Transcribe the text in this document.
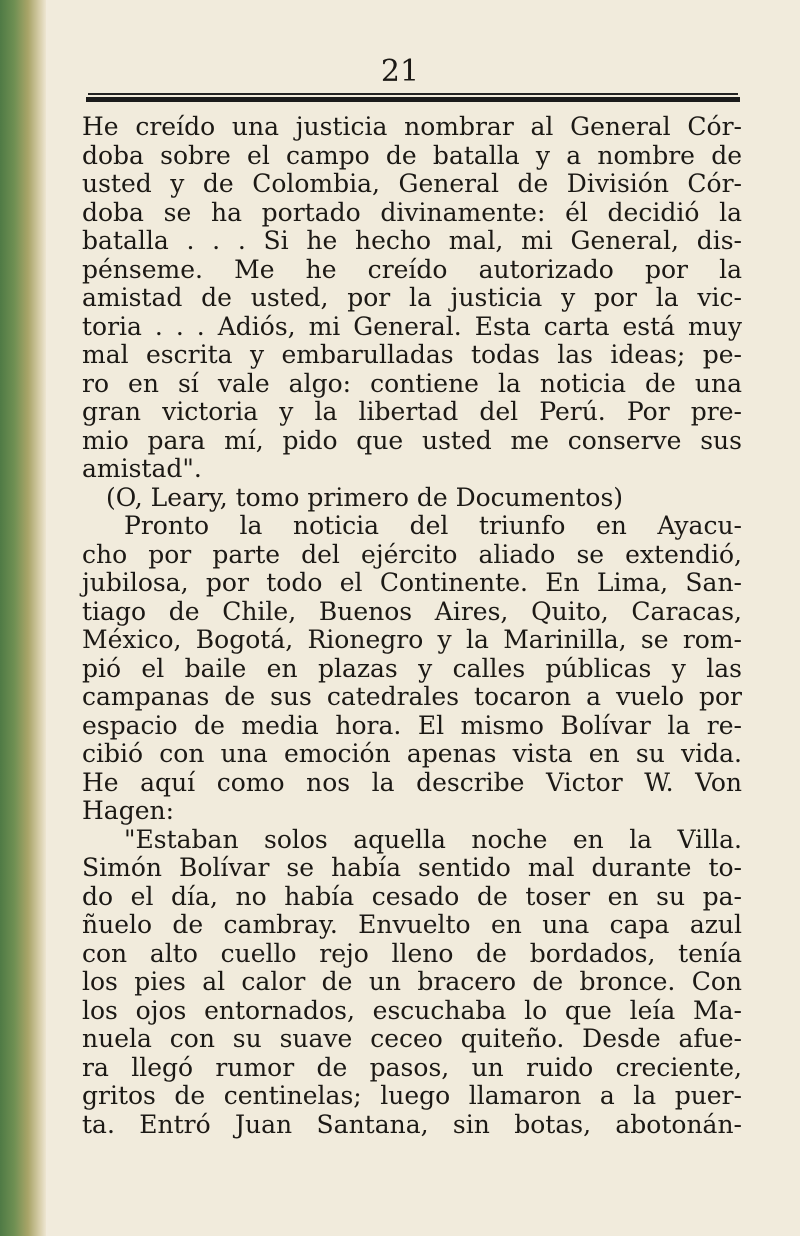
21
He creído una justicia nombrar al General Cór-
doba sobre el campo de batalla y a nombre de
usted y de Colombia, General de División Cór-
doba se ha portado divinamente: él decidió la
batalla . . . Si he hecho mal, mi General, dis-
pénseme. Me he creído autorizado por la
amistad de usted, por la justicia y por la vic-
toria . . . Adiós, mi General. Esta carta está muy
mal escrita y embarulladas todas las ideas; pe-
ro en sí vale algo: contiene la noticia de una
gran victoria y la libertad del Perú. Por pre-
mio para mí, pido que usted me conserve sus
amistad".
(O, Leary, tomo primero de Documentos)
Pronto la noticia del triunfo en Ayacu-
cho por parte del ejército aliado se extendió,
jubilosa, por todo el Continente. En Lima, San-
tiago de Chile, Buenos Aires, Quito, Caracas,
México, Bogotá, Rionegro y la Marinilla, se rom-
pió el baile en plazas y calles públicas y las
campanas de sus catedrales tocaron a vuelo por
espacio de media hora. El mismo Bolívar la re-
cibió con una emoción apenas vista en su vida.
He aquí como nos la describe Victor W. Von
Hagen:
"Estaban solos aquella noche en la Villa.
Simón Bolívar se había sentido mal durante to-
do el día, no había cesado de toser en su pa-
ñuelo de cambray. Envuelto en una capa azul
con alto cuello rejo lleno de bordados, tenía
los pies al calor de un bracero de bronce. Con
los ojos entornados, escuchaba lo que leía Ma-
nuela con su suave ceceo quiteño. Desde afue-
ra llegó rumor de pasos, un ruido creciente,
gritos de centinelas; luego llamaron a la puer-
ta. Entró Juan Santana, sin botas, abotonán-
